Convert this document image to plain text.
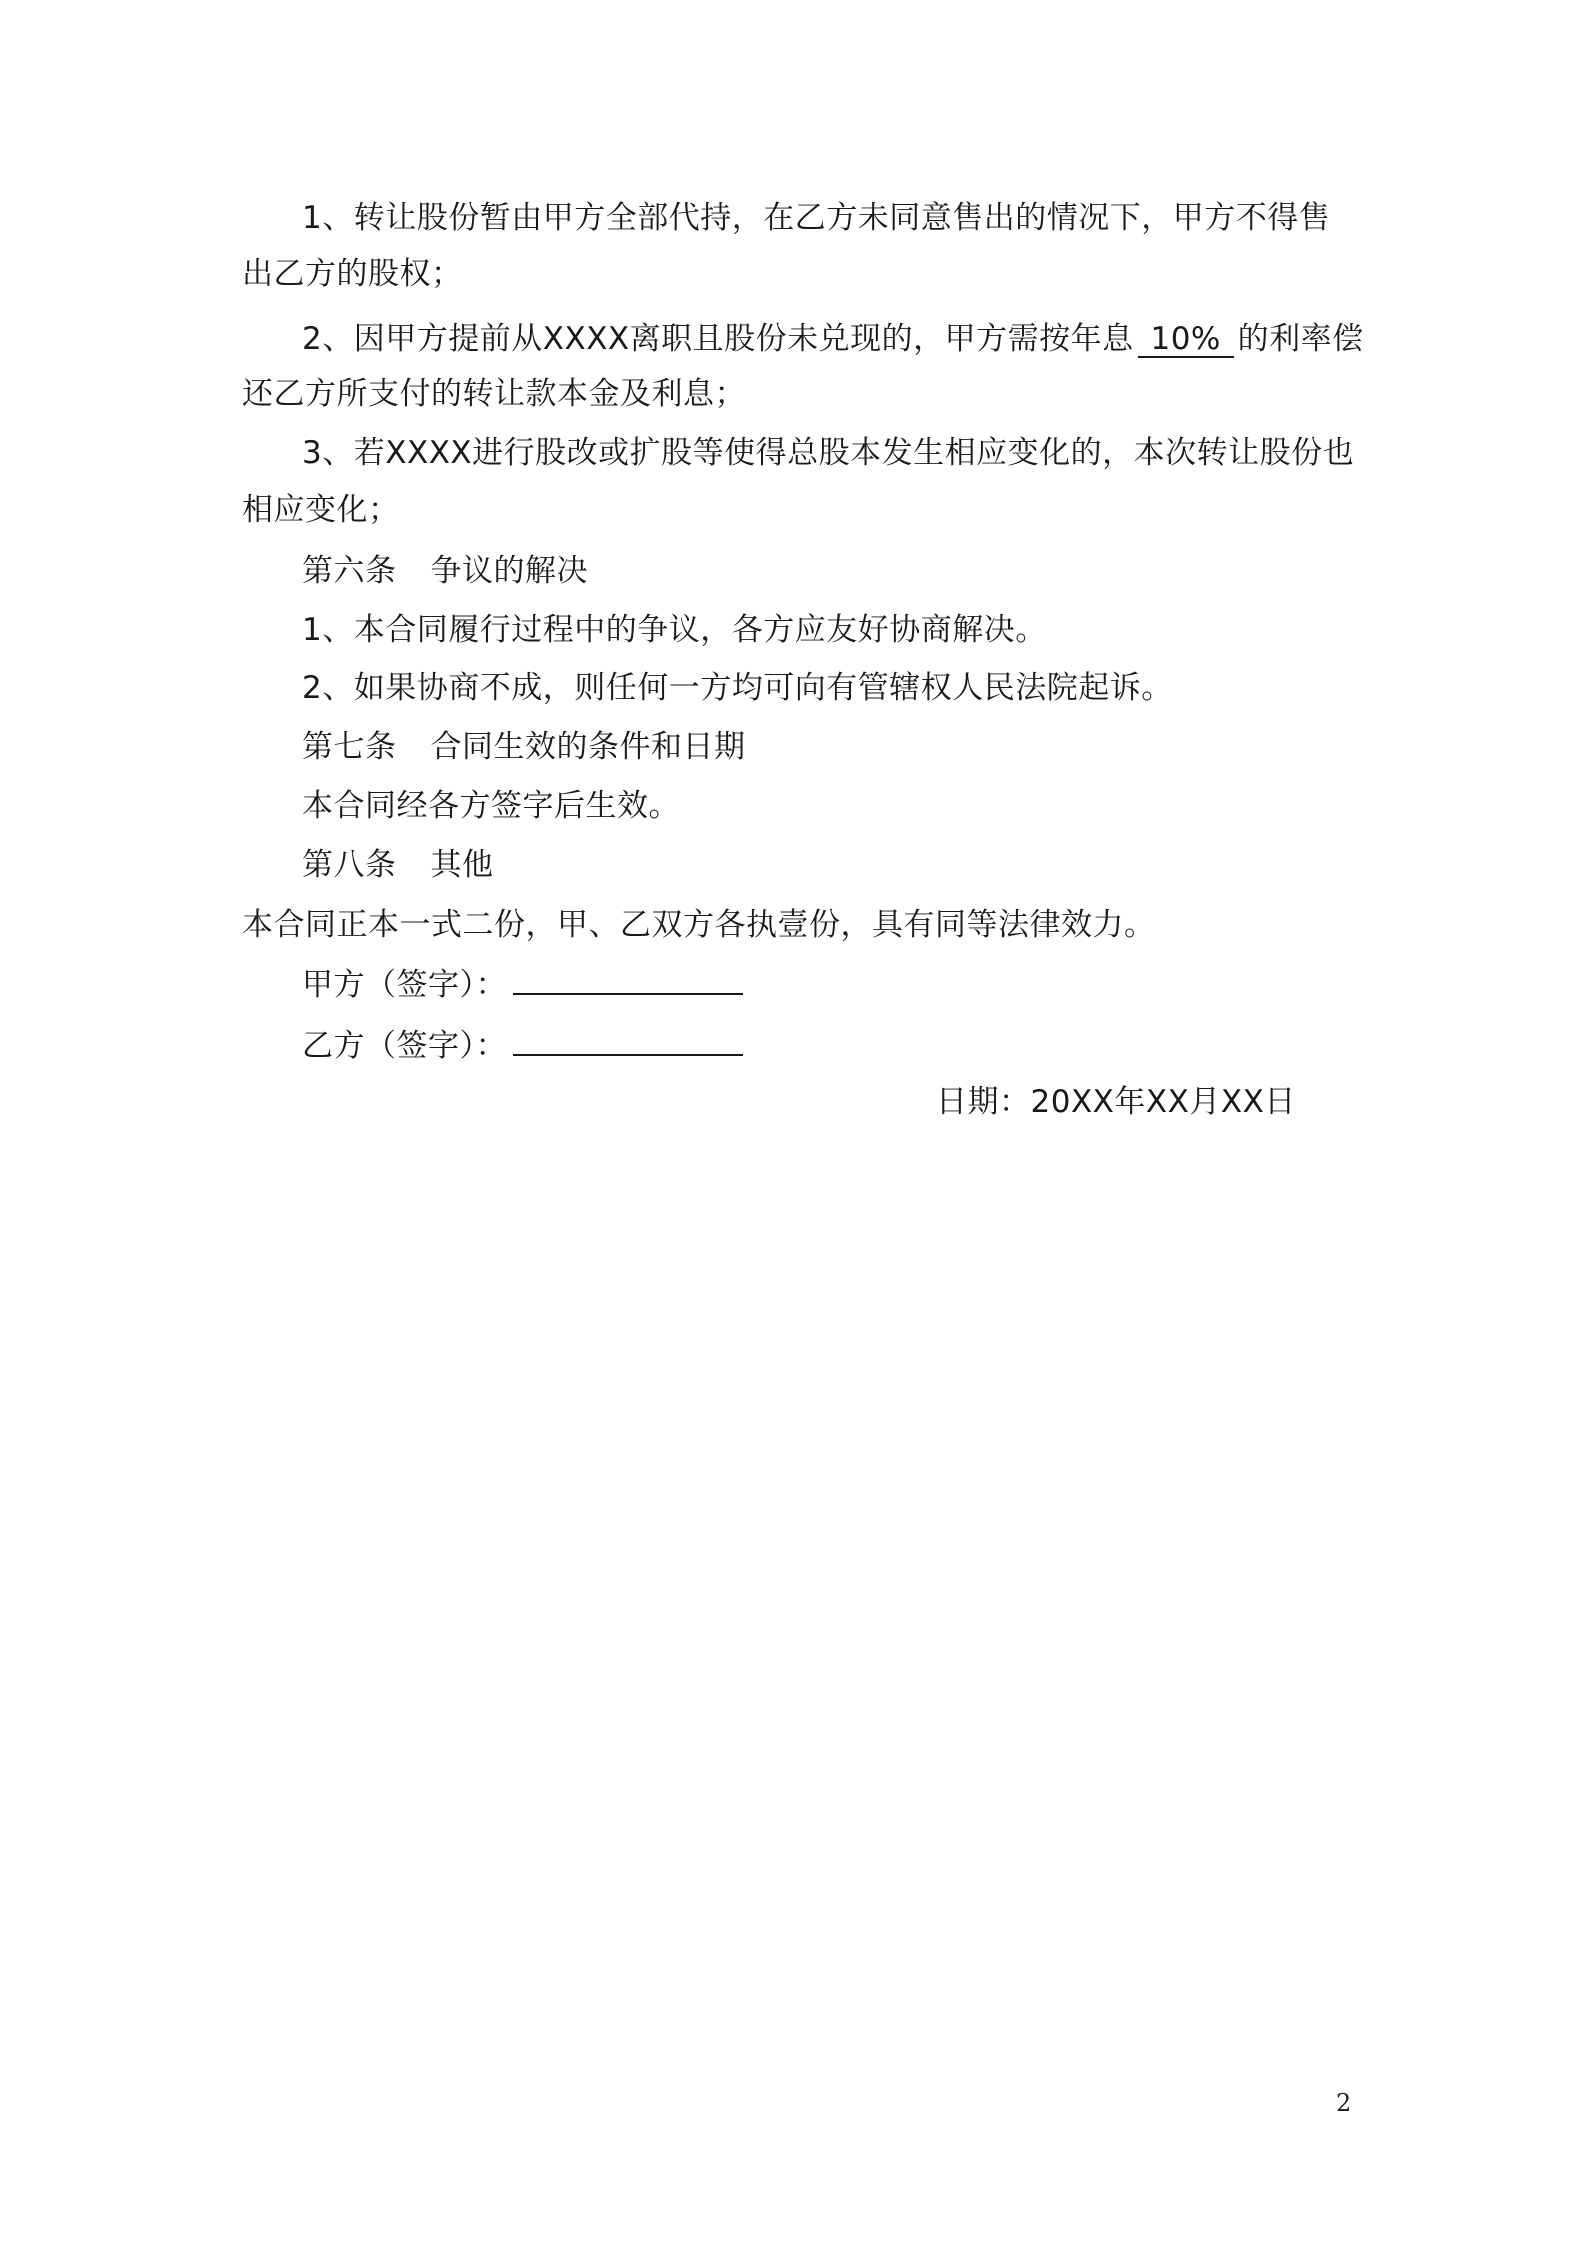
1、转让股份暂由甲方全部代持，在乙方未同意售出的情况下，甲方不得售
出乙方的股权；
2、因甲方提前从XXXX离职且股份未兑现的，甲方需按年息 10% 的利率偿
还乙方所支付的转让款本金及利息；
3、若XXXX进行股改或扩股等使得总股本发生相应变化的，本次转让股份也
相应变化；
第六条 争议的解决
1、本合同履行过程中的争议，各方应友好协商解决。
2、如果协商不成，则任何一方均可向有管辖权人民法院起诉。
第七条 合同生效的条件和日期
本合同经各方签字后生效。
第八条 其他
本合同正本一式二份，甲、乙双方各执壹份，具有同等法律效力。
甲方（签字）：
乙方（签字）：
日期：20XX年XX月XX日
2
